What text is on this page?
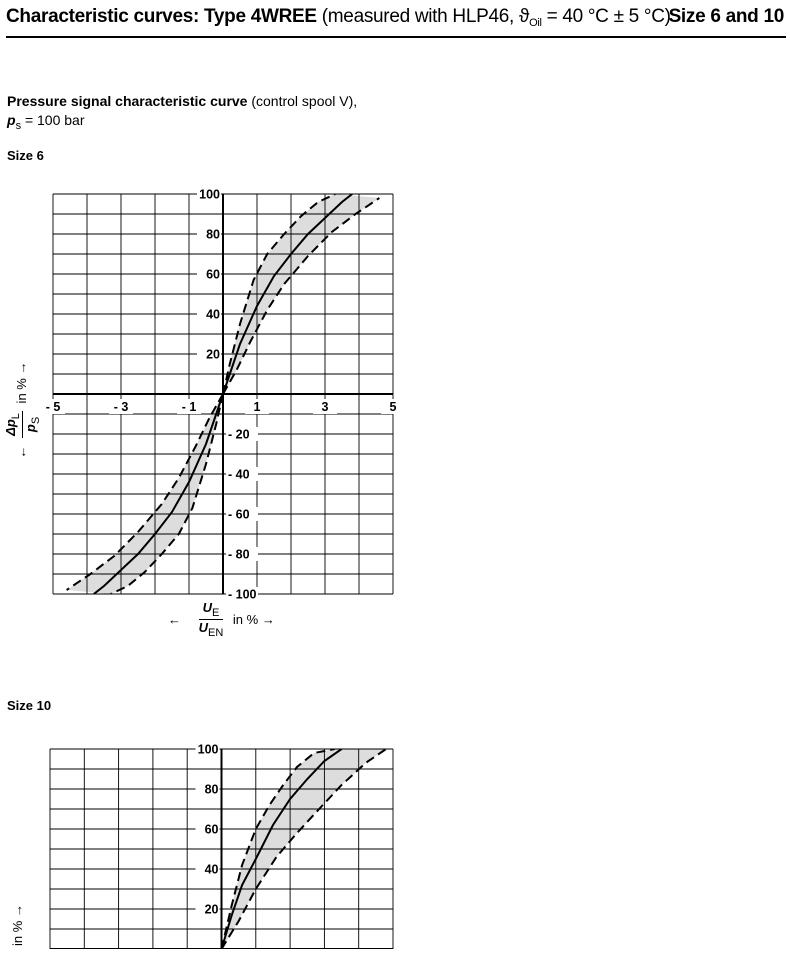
Characteristic curves: Type 4WREE (measured with HLP46, $ϑ_{Oil} = 40$ °C ± 5 °C)
Size 6 and 10
Pressure signal characteristic curve (control spool V),
$p_s = 100$ bar
Size 6
Size 10
100
80
60
40
20
- 20
- 40
- 60
- 80
- 100
- 5	- 3	- 1	1	3	5
100
80
60
40
20
←
$\Delta p_L$
$p_S$
in % →
in % →
←
$U_E$
$U_{EN}$
in % →
